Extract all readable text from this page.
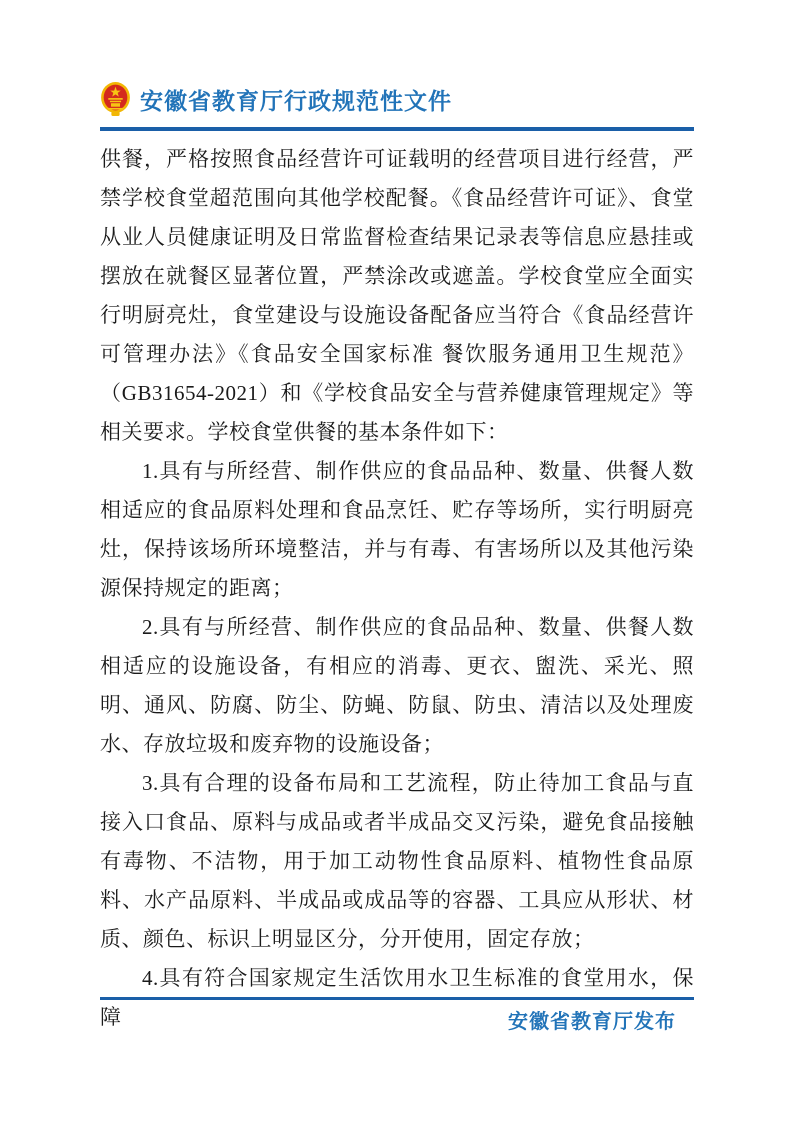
安徽省教育厅行政规范性文件

供餐，严格按照食品经营许可证载明的经营项目进行经营，严禁学校食堂超范围向其他学校配餐。《食品经营许可证》、食堂从业人员健康证明及日常监督检查结果记录表等信息应悬挂或摆放在就餐区显著位置，严禁涂改或遮盖。学校食堂应全面实行明厨亮灶，食堂建设与设施设备配备应当符合《食品经营许可管理办法》《食品安全国家标准 餐饮服务通用卫生规范》（GB31654-2021）和《学校食品安全与营养健康管理规定》等相关要求。学校食堂供餐的基本条件如下：

1.具有与所经营、制作供应的食品品种、数量、供餐人数相适应的食品原料处理和食品烹饪、贮存等场所，实行明厨亮灶，保持该场所环境整洁，并与有毒、有害场所以及其他污染源保持规定的距离；

2.具有与所经营、制作供应的食品品种、数量、供餐人数相适应的设施设备，有相应的消毒、更衣、盥洗、采光、照明、通风、防腐、防尘、防蝇、防鼠、防虫、清洁以及处理废水、存放垃圾和废弃物的设施设备；

3.具有合理的设备布局和工艺流程，防止待加工食品与直接入口食品、原料与成品或者半成品交叉污染，避免食品接触有毒物、不洁物，用于加工动物性食品原料、植物性食品原料、水产品原料、半成品或成品等的容器、工具应从形状、材质、颜色、标识上明显区分，分开使用，固定存放；

4.具有符合国家规定生活饮用水卫生标准的食堂用水，保障	安徽省教育厅发布
